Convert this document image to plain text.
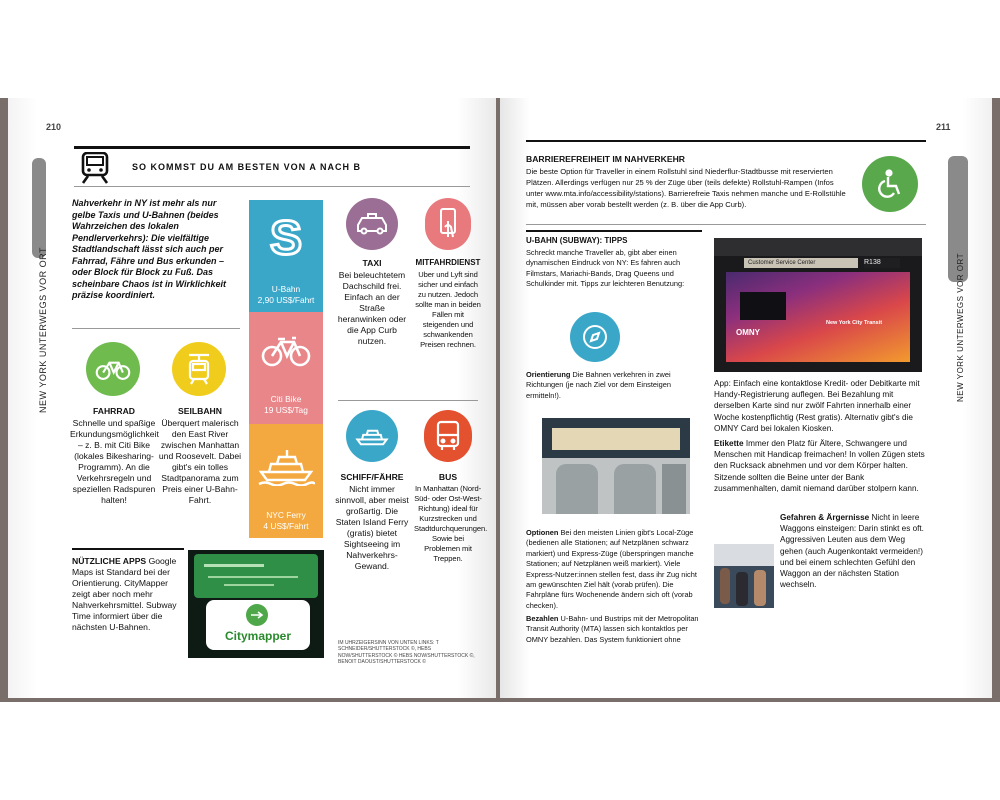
210
NEW YORK UNTERWEGS VOR ORT
SO KOMMST DU AM BESTEN VON A NACH B
Nahverkehr in NY ist mehr als nur gelbe Taxis und U-Bahnen (beides Wahrzeichen des lokalen Pendlerverkehrs): Die vielfältige Stadtlandschaft lässt sich auch per Fahrrad, Fähre und Bus erkunden – oder Block für Block zu Fuß. Das scheinbare Chaos ist in Wirklichkeit präzise koordiniert.
S
U-Bahn
2,90 US$/Fahrt
Citi Bike
19 US$/Tag
NYC Ferry
4 US$/Fahrt
TAXI
Bei beleuchtetem Dachschild frei. Einfach an der Straße heranwinken oder die App Curb nutzen.
MITFAHRDIENST
Uber und Lyft sind sicher und einfach zu nutzen. Jedoch sollte man in beiden Fällen mit steigenden und schwankenden Preisen rechnen.
FAHRRAD
Schnelle und spaßige Erkundungsmöglichkeit – z. B. mit Citi Bike (lokales Bikesharing-Programm). An die Verkehrsregeln und speziellen Radspuren halten!
SEILBAHN
Überquert malerisch den East River zwischen Manhattan und Roosevelt. Dabei gibt's ein tolles Stadtpanorama zum Preis einer U-Bahn-Fahrt.
SCHIFF/FÄHRE
Nicht immer sinnvoll, aber meist großartig. Die Staten Island Ferry (gratis) bietet Sightseeing im Nahverkehrs-Gewand.
BUS
In Manhattan (Nord-Süd- oder Ost-West-Richtung) ideal für Kurzstrecken und Stadtdurchquerungen. Sowie bei Problemen mit Treppen.
NÜTZLICHE APPS Google Maps ist Standard bei der Orientierung. CityMapper zeigt aber noch mehr Nahverkehrsmittel. Subway Time informiert über die nächsten U-Bahnen.
Citymapper	IM UHRZEIGERSINN VON UNTEN LINKS: T SCHNEIDER/SHUTTERSTOCK ©, HEBS NOW/SHUTTERSTOCK © HEBS NOW/SHUTTERSTOCK ©, BENOIT DAOUST/SHUTTERSTOCK ©
211
NEW YORK UNTERWEGS VOR ORT
BARRIEREFREIHEIT IM NAHVERKEHR
Die beste Option für Traveller in einem Rollstuhl sind Niederflur-Stadtbusse mit reservierten Plätzen. Allerdings verfügen nur 25 % der Züge über (teils defekte) Rollstuhl-Rampen (Infos unter www.mta.info/accessibility/stations). Barrierefreie Taxis nehmen manche und E-Rollstühle mit, müssen aber vorab bestellt werden (z. B. über die App Curb).
U-BAHN (SUBWAY): TIPPS
Schreckt manche Traveller ab, gibt aber einen dynamischen Eindruck von NY: Es fahren auch Filmstars, Mariachi-Bands, Drag Queens und Schulkinder mit. Tipps zur leichteren Benutzung:
Orientierung Die Bahnen verkehren in zwei Richtungen (je nach Ziel vor dem Einsteigen ermitteln!).
Optionen Bei den meisten Linien gibt's Local-Züge (bedienen alle Stationen; auf Netzplänen schwarz markiert) und Express-Züge (überspringen manche Stationen; auf Netzplänen weiß markiert). Viele Express-Nutzer:innen stellen fest, dass ihr Zug nicht am gewünschten Ziel hält (vorab prüfen). Die Fahrpläne fürs Wochenende ändern sich oft (vorab checken).
Bezahlen U-Bahn- und Bustrips mit der Metropolitan Transit Authority (MTA) lassen sich kontaktlos per OMNY bezahlen. Das System funktioniert ohne
Customer Service Center	R138
OMNY
New York City Transit
App: Einfach eine kontaktlose Kredit- oder Debitkarte mit Handy-Registrierung auflegen. Bei Bezahlung mit derselben Karte sind nur zwölf Fahrten innerhalb einer Woche kostenpflichtig (Rest gratis). Alternativ gibt's die OMNY Card bei lokalen Kiosken.
Etikette Immer den Platz für Ältere, Schwangere und Menschen mit Handicap freimachen! In vollen Zügen stets den Rucksack abnehmen und vor dem Körper halten. Sitzende sollten die Beine unter der Bank zusammenhalten, damit niemand darüber stolpern kann.
Gefahren & Ärgernisse Nicht in leere Waggons einsteigen: Darin stinkt es oft. Aggressiven Leuten aus dem Weg gehen (auch Augenkontakt vermeiden!) und bei einem schlechten Gefühl den Waggon an der nächsten Station wechseln.
